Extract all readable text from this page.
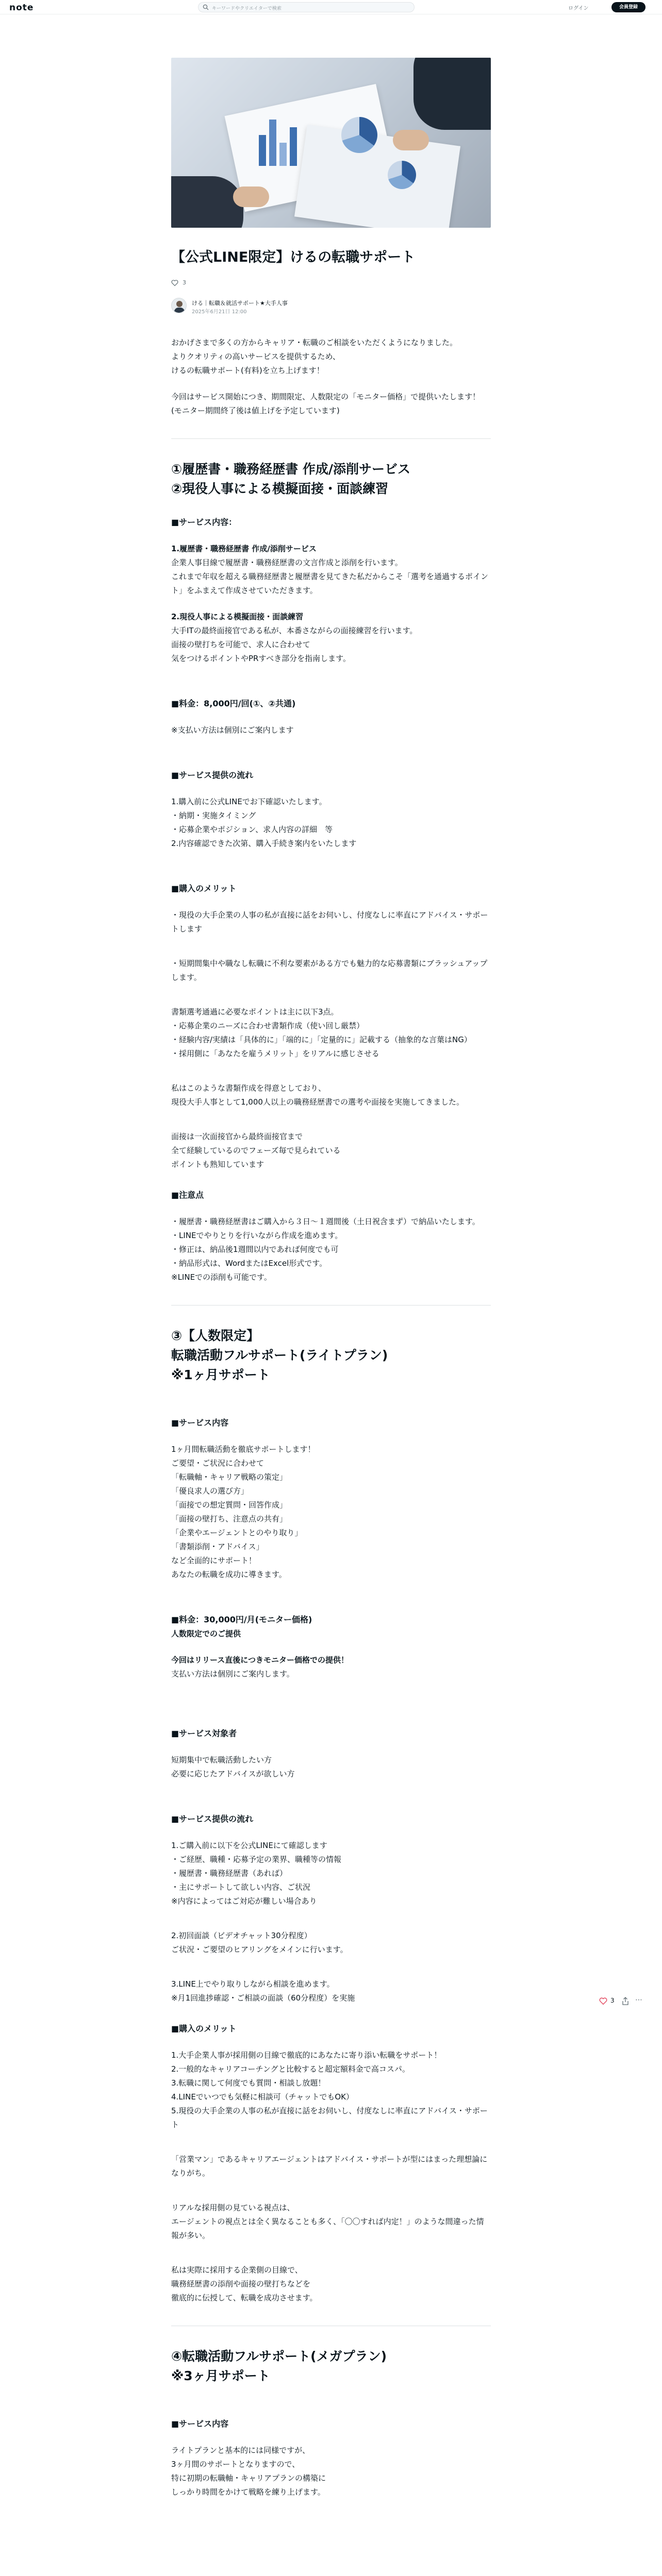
note	キーワードやクリエイターで検索	ログイン	会員登録
【公式LINE限定】けるの転職サポート
3
ける｜転職＆就活サポート★大手人事
2025年6月21日 12:00
おかげさまで多くの方からキャリア・転職のご相談をいただくようになりました。
よりクオリティの高いサービスを提供するため、
けるの転職サポート(有料)を立ち上げます！
今回はサービス開始につき、期間限定、人数限定の「モニター価格」で提供いたします！
(モニター期間終了後は値上げを予定しています)
①履歴書・職務経歴書 作成/添削サービス
②現役人事による模擬面接・面談練習
■サービス内容：
1.履歴書・職務経歴書 作成/添削サービス
企業人事目線で履歴書・職務経歴書の文言作成と添削を行います。
これまで年収を超える職務経歴書と履歴書を見てきた私だからこそ「選考を通過するポイント」をふまえて作成させていただきます。
2.現役人事による模擬面接・面談練習
大手ITの最終面接官である私が、本番さながらの面接練習を行います。
面接の壁打ちを可能で、求人に合わせて
気をつけるポイントやPRすべき部分を指南します。
■料金：8,000円/回(①、②共通)
※支払い方法は個別にご案内します
■サービス提供の流れ
1.購入前に公式LINEでお下確認いたします。
・納期・実施タイミング
・応募企業やポジション、求人内容の詳細　等
2.内容確認できた次第、購入手続き案内をいたします
■購入のメリット
・現役の大手企業の人事の私が直接に話をお伺いし、付度なしに率直にアドバイス・サポートします
・短期間集中や職なし転職に不利な要素がある方でも魅力的な応募書類にブラッシュアップします。
書類選考通過に必要なポイントは主に以下3点。
・応募企業のニーズに合わせ書類作成（使い回し厳禁）
・経験内容/実績は「具体的に」「端的に」「定量的に」記載する（抽象的な言葉はNG）
・採用側に「あなたを雇うメリット」をリアルに感じさせる
私はこのような書類作成を得意としており、
現役大手人事として1,000人以上の職務経歴書での選考や面接を実施してきました。
面接は一次面接官から最終面接官まで
全て経験しているのでフェーズ毎で見られている
ポイントも熟知しています
■注意点
・履歴書・職務経歴書はご購入から３日〜１週間後（土日祝含まず）で納品いたします。
・LINEでやりとりを行いながら作成を進めます。
・修正は、納品後1週間以内であれば何度でも可
・納品形式は、WordまたはExcel形式です。
※LINEでの添削も可能です。
③【人数限定】
転職活動フルサポート(ライトプラン)
※1ヶ月サポート
■サービス内容
1ヶ月間転職活動を徹底サポートします！
ご要望・ご状況に合わせて
「転職軸・キャリア戦略の策定」
「優良求人の選び方」
「面接での想定質問・回答作成」
「面接の壁打ち、注意点の共有」
「企業やエージェントとのやり取り」
「書類添削・アドバイス」
など全面的にサポート！
あなたの転職を成功に導きます。
■料金：30,000円/月(モニター価格)
人数限定でのご提供
今回はリリース直後につきモニター価格での提供！
支払い方法は個別にご案内します。
■サービス対象者
短期集中で転職活動したい方
必要に応じたアドバイスが欲しい方
■サービス提供の流れ
1.ご購入前に以下を公式LINEにて確認します
・ご経歴、職種・応募予定の業界、職種等の情報
・履歴書・職務経歴書（あれば）
・主にサポートして欲しい内容、ご状況
※内容によってはご対応が難しい場合あり
2.初回面談（ビデオチャット30分程度）
ご状況・ご要望のヒアリングをメインに行います。
3.LINE上でやり取りしながら相談を進めます。
※月1回進捗確認・ご相談の面談（60分程度）を実施
■購入のメリット
1.大手企業人事が採用側の目線で徹底的にあなたに寄り添い転職をサポート！
2.一般的なキャリアコーチングと比較すると超定額料金で高コスパ。
3.転職に関して何度でも質問・相談し放題！
4.LINEでいつでも気軽に相談可（チャットでもOK）
5.現役の大手企業の人事の私が直接に話をお伺いし、付度なしに率直にアドバイス・サポート
「営業マン」であるキャリアエージェントはアドバイス・サポートが型にはまった理想論になりがち。
リアルな採用側の見ている視点は、
エージェントの視点とは全く異なることも多く、「〇〇すれば内定！」のような間違った情報が多い。
私は実際に採用する企業側の目線で、
職務経歴書の添削や面接の壁打ちなどを
徹底的に伝授して、転職を成功させます。
④転職活動フルサポート(メガプラン)
※3ヶ月サポート
■サービス内容
ライトプランと基本的には同様ですが、
3ヶ月間のサポートとなりますので、
特に初期の転職軸・キャリアプランの構築に
しっかり時間をかけて戦略を練り上げます。
3	⋯
